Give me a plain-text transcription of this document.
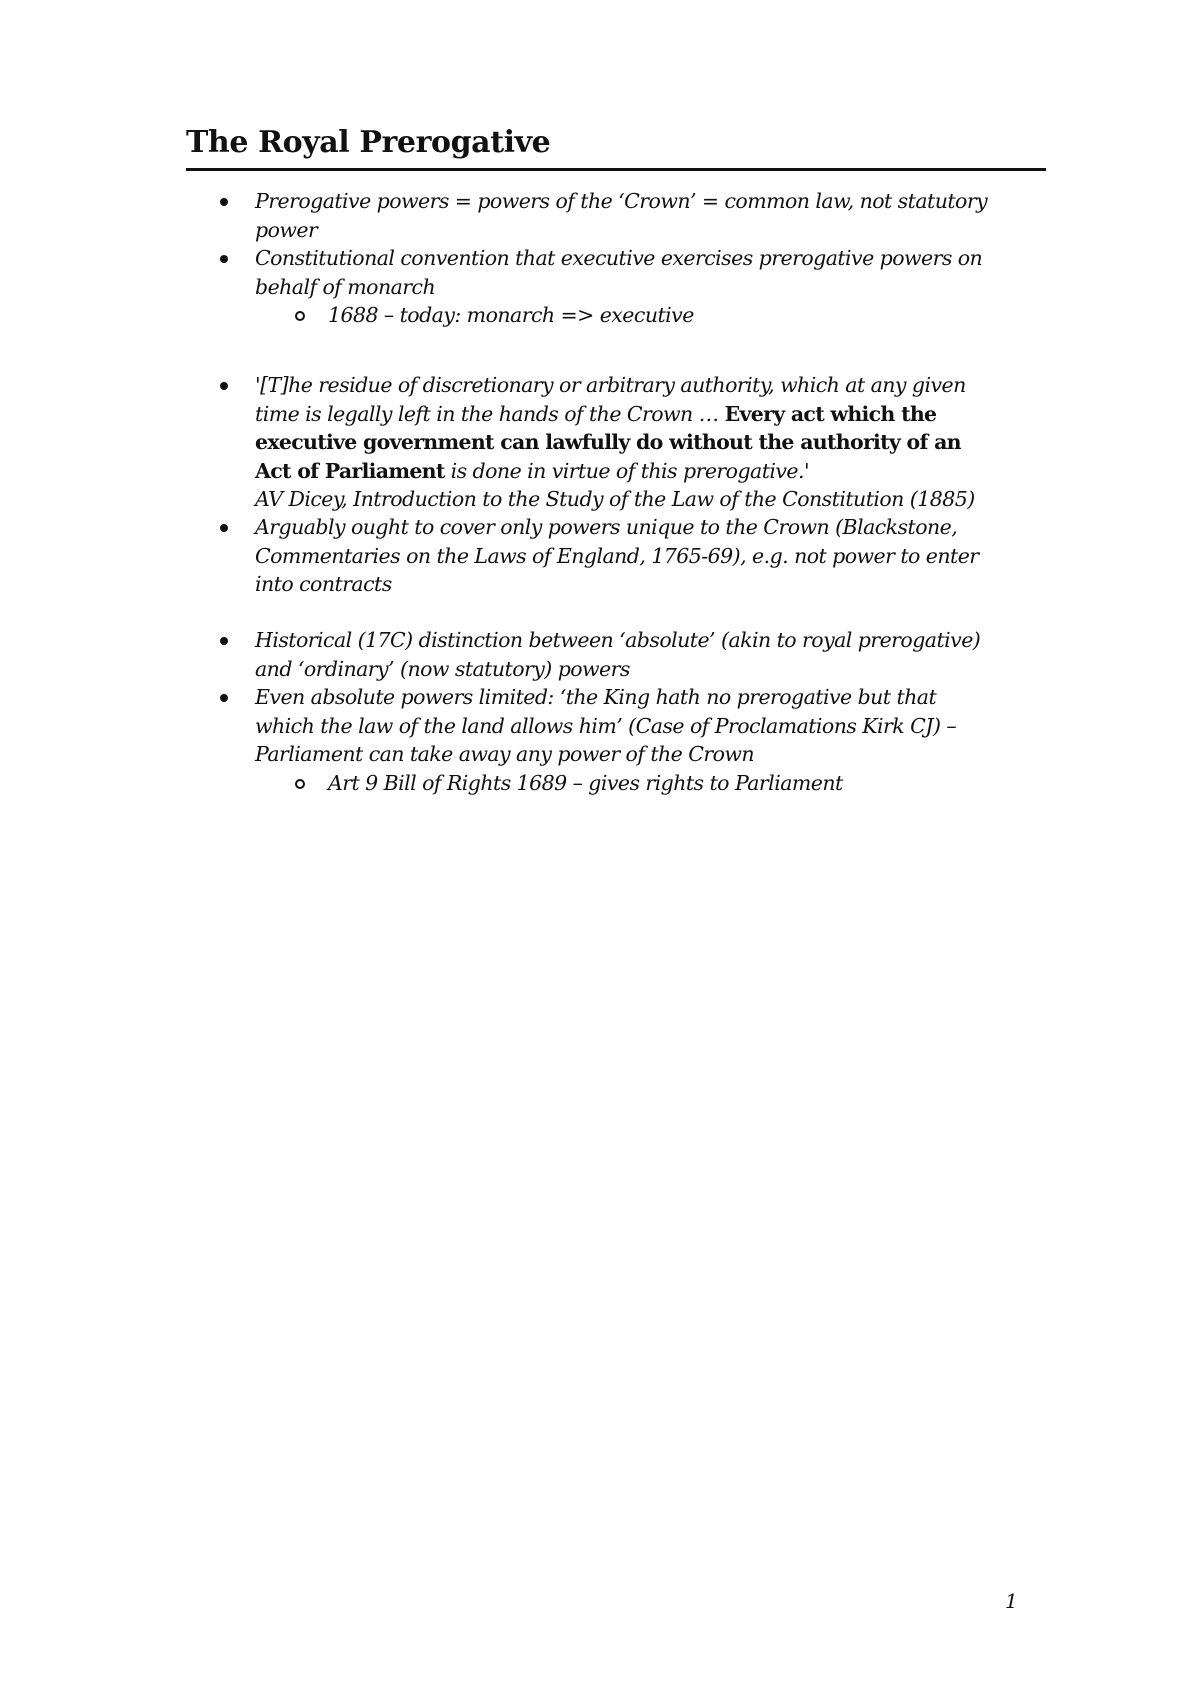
The Royal Prerogative
Prerogative powers = powers of the ‘Crown’ = common law, not statutory
power
Constitutional convention that executive exercises prerogative powers on
behalf of monarch
1688 – today: monarch => executive
'[T]he residue of discretionary or arbitrary authority, which at any given
time is legally left in the hands of the Crown … Every act which the
executive government can lawfully do without the authority of an
Act of Parliament is done in virtue of this prerogative.'
AV Dicey, Introduction to the Study of the Law of the Constitution (1885)
Arguably ought to cover only powers unique to the Crown (Blackstone,
Commentaries on the Laws of England, 1765-69), e.g. not power to enter
into contracts
Historical (17C) distinction between ‘absolute’ (akin to royal prerogative)
and ‘ordinary’ (now statutory) powers
Even absolute powers limited: ‘the King hath no prerogative but that
which the law of the land allows him’ (Case of Proclamations Kirk CJ) –
Parliament can take away any power of the Crown
Art 9 Bill of Rights 1689 – gives rights to Parliament
1
